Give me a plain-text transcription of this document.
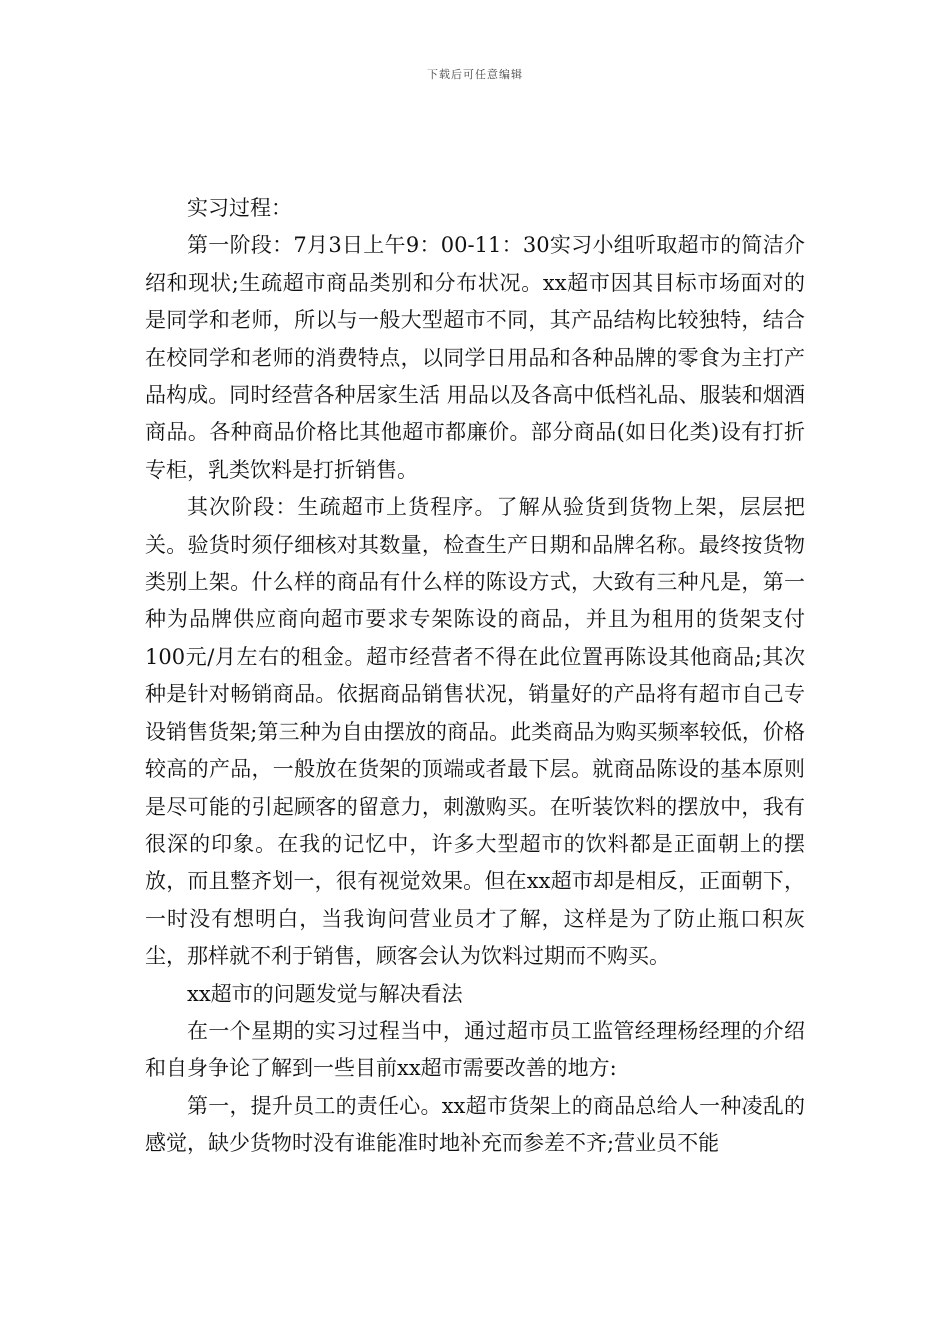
下载后可任意编辑

实习过程：

第一阶段：7月3日上午9：00-11：30实习小组听取超市的简洁介绍和现状;生疏超市商品类别和分布状况。xx超市因其目标市场面对的是同学和老师，所以与一般大型超市不同，其产品结构比较独特，结合在校同学和老师的消费特点，以同学日用品和各种品牌的零食为主打产品构成。同时经营各种居家生活 用品以及各高中低档礼品、服装和烟酒商品。各种商品价格比其他超市都廉价。部分商品(如日化类)设有打折专柜，乳类饮料是打折销售。

其次阶段：生疏超市上货程序。了解从验货到货物上架，层层把关。验货时须仔细核对其数量，检查生产日期和品牌名称。最终按货物类别上架。什么样的商品有什么样的陈设方式，大致有三种凡是，第一种为品牌供应商向超市要求专架陈设的商品，并且为租用的货架支付100元/月左右的租金。超市经营者不得在此位置再陈设其他商品;其次种是针对畅销商品。依据商品销售状况，销量好的产品将有超市自己专设销售货架;第三种为自由摆放的商品。此类商品为购买频率较低，价格较高的产品，一般放在货架的顶端或者最下层。就商品陈设的基本原则是尽可能的引起顾客的留意力，刺激购买。在听装饮料的摆放中，我有很深的印象。在我的记忆中，许多大型超市的饮料都是正面朝上的摆放，而且整齐划一，很有视觉效果。但在xx超市却是相反，正面朝下，一时没有想明白，当我询问营业员才了解，这样是为了防止瓶口积灰尘，那样就不利于销售，顾客会认为饮料过期而不购买。

xx超市的问题发觉与解决看法

在一个星期的实习过程当中，通过超市员工监管经理杨经理的介绍和自身争论了解到一些目前xx超市需要改善的地方:

第一，提升员工的责任心。xx超市货架上的商品总给人一种凌乱的感觉，缺少货物时没有谁能准时地补充而参差不齐;营业员不能
